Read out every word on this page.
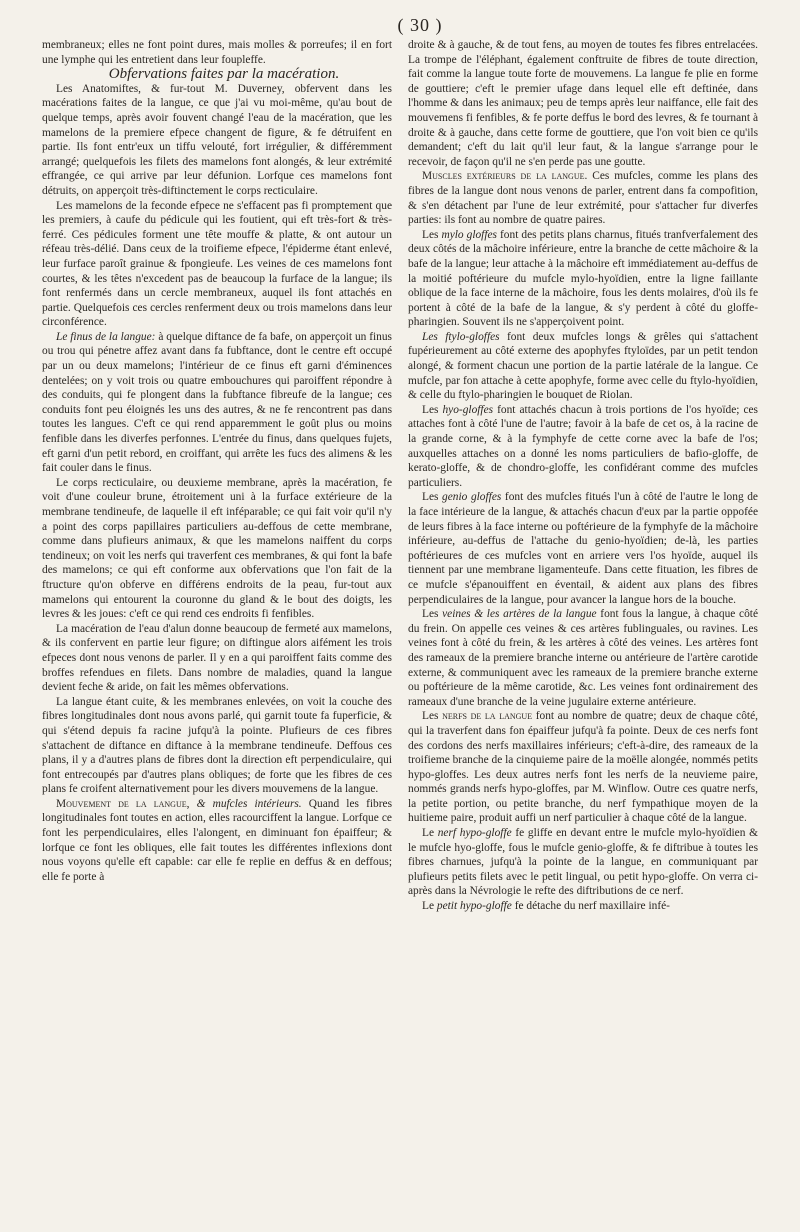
( 30 )

membraneux; elles ne font point dures, mais molles & porreufes; il en fort une lymphe qui les entretient dans leur foupleffe.

Obfervations faites par la macération.

Les Anatomiftes, & fur-tout M. Duverney, obfervent dans les macérations faites de la langue, ce que j'ai vu moi-même, qu'au bout de quelque temps, après avoir fouvent changé l'eau de la macération, que les mamelons de la premiere efpece changent de figure, & fe détruifent en partie. Ils font entr'eux un tiffu velouté, fort irrégulier, & différemment arrangé; quelquefois les filets des mamelons font alongés, & leur extrémité effrangée, ce qui arrive par leur défunion. Lorfque ces mamelons font détruits, on apperçoit très-diftinctement le corps recticulaire.

Les mamelons de la feconde efpece ne s'effacent pas fi promptement que les premiers, à caufe du pédicule qui les foutient, qui eft très-fort & très-ferré. Ces pédicules forment une tête mouffe & platte, & ont autour un réfeau très-délié. Dans ceux de la troifieme efpece, l'épiderme étant enlevé, leur furface paroît grainue & fpongieufe. Les veines de ces mamelons font courtes, & les têtes n'excedent pas de beaucoup la furface de la langue; ils font renfermés dans un cercle membraneux, auquel ils font attachés en partie. Quelquefois ces cercles renferment deux ou trois mamelons dans leur circonférence.

Le finus de la langue: à quelque diftance de fa bafe, on apperçoit un finus ou trou qui pénetre affez avant dans fa fubftance, dont le centre eft occupé par un ou deux mamelons; l'intérieur de ce finus eft garni d'éminences dentelées; on y voit trois ou quatre embouchures qui paroiffent répondre à des conduits, qui fe plongent dans la fubftance fibreufe de la langue; ces conduits font peu éloignés les uns des autres, & ne fe rencontrent pas dans toutes les langues. C'eft ce qui rend apparemment le goût plus ou moins fenfible dans les diverfes perfonnes. L'entrée du finus, dans quelques fujets, eft garni d'un petit rebord, en croiffant, qui arrête les fucs des alimens & les fait couler dans le finus.

Le corps recticulaire, ou deuxieme membrane, après la macération, fe voit d'une couleur brune, étroitement uni à la furface extérieure de la membrane tendineufe, de laquelle il eft inféparable; ce qui fait voir qu'il n'y a point des corps papillaires particuliers au-deffous de cette membrane, comme dans plufieurs animaux, & que les mamelons naiffent du corps tendineux; on voit les nerfs qui traverfent ces membranes, & qui font la bafe des mamelons; ce qui eft conforme aux obfervations que l'on fait de la ftructure qu'on obferve en différens endroits de la peau, fur-tout aux mamelons qui entourent la couronne du gland & le bout des doigts, les levres & les joues: c'eft ce qui rend ces endroits fi fenfibles.

La macération de l'eau d'alun donne beaucoup de fermeté aux mamelons, & ils confervent en partie leur figure; on diftingue alors aifément les trois efpeces dont nous venons de parler. Il y en a qui paroiffent faits comme des broffes refendues en filets. Dans nombre de maladies, quand la langue devient feche & aride, on fait les mêmes obfervations.

La langue étant cuite, & les membranes enlevées, on voit la couche des fibres longitudinales dont nous avons parlé, qui garnit toute fa fuperficie, & qui s'étend depuis fa racine jufqu'à la pointe. Plufieurs de ces fibres s'attachent de diftance en diftance à la membrane tendineufe. Deffous ces plans, il y a d'autres plans de fibres dont la direction eft perpendiculaire, qui font entrecoupés par d'autres plans obliques; de forte que les fibres de ces plans fe croifent alternativement pour les divers mouvemens de la langue.

Mouvement de la langue, & mufcles intérieurs. Quand les fibres longitudinales font toutes en action, elles racourciffent la langue. Lorfque ce font les perpendiculaires, elles l'alongent, en diminuant fon épaiffeur; & lorfque ce font les obliques, elle fait toutes les différentes inflexions dont nous voyons qu'elle eft capable: car elle fe replie en deffus & en deffous; elle fe porte à

droite & à gauche, & de tout fens, au moyen de toutes fes fibres entrelacées. La trompe de l'éléphant, également conftruite de fibres de toute direction, fait comme la langue toute forte de mouvemens. La langue fe plie en forme de gouttiere; c'eft le premier ufage dans lequel elle eft deftinée, dans l'homme & dans les animaux; peu de temps après leur naiffance, elle fait des mouvemens fi fenfibles, & fe porte deffus le bord des levres, & fe tournant à droite & à gauche, dans cette forme de gouttiere, que l'on voit bien ce qu'ils demandent; c'eft du lait qu'il leur faut, & la langue s'arrange pour le recevoir, de façon qu'il ne s'en perde pas une goutte.

Muscles extérieurs de la langue. Ces mufcles, comme les plans des fibres de la langue dont nous venons de parler, entrent dans fa compofition, & s'en détachent par l'une de leur extrémité, pour s'attacher fur diverfes parties: ils font au nombre de quatre paires.

Les mylo gloffes font des petits plans charnus, fitués tranfverfalement des deux côtés de la mâchoire inférieure, entre la branche de cette mâchoire & la bafe de la langue; leur attache à la mâchoire eft immédiatement au-deffus de la moitié poftérieure du mufcle mylo-hyoïdien, entre la ligne faillante oblique de la face interne de la mâchoire, fous les dents molaires, d'où ils fe portent à côté de la bafe de la langue, & s'y perdent à côté du gloffe-pharingien. Souvent ils ne s'apperçoivent point.

Les ftylo-gloffes font deux mufcles longs & grêles qui s'attachent fupérieurement au côté externe des apophyfes ftyloïdes, par un petit tendon alongé, & forment chacun une portion de la partie latérale de la langue. Ce mufcle, par fon attache à cette apophyfe, forme avec celle du ftylo-hyoïdien, & celle du ftylo-pharingien le bouquet de Riolan.

Les hyo-gloffes font attachés chacun à trois portions de l'os hyoïde; ces attaches font à côté l'une de l'autre; favoir à la bafe de cet os, à la racine de la grande corne, & à la fymphyfe de cette corne avec la bafe de l'os; auxquelles attaches on a donné les noms particuliers de bafio-gloffe, de kerato-gloffe, & de chondro-gloffe, les confidérant comme des mufcles particuliers.

Les genio gloffes font des mufcles fitués l'un à côté de l'autre le long de la face intérieure de la langue, & attachés chacun d'eux par la partie oppofée de leurs fibres à la face interne ou poftérieure de la fymphyfe de la mâchoire inférieure, au-deffus de l'attache du genio-hyoïdien; de-là, les parties poftérieures de ces mufcles vont en arriere vers l'os hyoïde, auquel ils tiennent par une membrane ligamenteufe. Dans cette fituation, les fibres de ce mufcle s'épanouiffent en éventail, & aident aux plans des fibres perpendiculaires de la langue, pour avancer la langue hors de la bouche.

Les veines & les artères de la langue font fous la langue, à chaque côté du frein. On appelle ces veines & ces artères fublinguales, ou ravines. Les veines font à côté du frein, & les artères à côté des veines. Les artères font des rameaux de la premiere branche interne ou antérieure de l'artère carotide externe, & communiquent avec les rameaux de la premiere branche externe ou poftérieure de la même carotide, &c. Les veines font ordinairement des rameaux d'une branche de la veine jugulaire externe antérieure.

Les nerfs de la langue font au nombre de quatre; deux de chaque côté, qui la traverfent dans fon épaiffeur jufqu'à fa pointe. Deux de ces nerfs font des cordons des nerfs maxillaires inférieurs; c'eft-à-dire, des rameaux de la troifieme branche de la cinquieme paire de la moëlle alongée, nommés petits hypo-gloffes. Les deux autres nerfs font les nerfs de la neuvieme paire, nommés grands nerfs hypo-gloffes, par M. Winflow. Outre ces quatre nerfs, la petite portion, ou petite branche, du nerf fympathique moyen de la huitieme paire, produit auffi un nerf particulier à chaque côté de la langue.

Le nerf hypo-gloffe fe gliffe en devant entre le mufcle mylo-hyoïdien & le mufcle hyo-gloffe, fous le mufcle genio-gloffe, & fe diftribue à toutes les fibres charnues, jufqu'à la pointe de la langue, en communiquant par plufieurs petits filets avec le petit lingual, ou petit hypo-gloffe. On verra ci-après dans la Névrologie le refte des diftributions de ce nerf.

Le petit hypo-gloffe fe détache du nerf maxillaire infé-
